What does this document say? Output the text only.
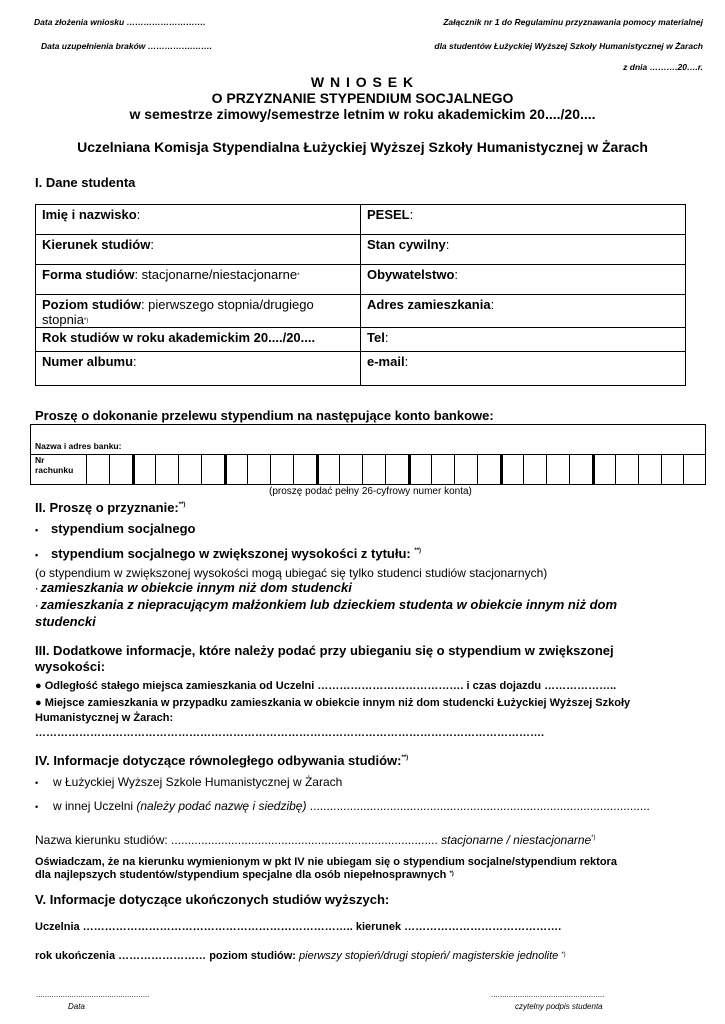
Data złożenia wniosku ……………………….
Data uzupełnienia braków …………….…….
Załącznik nr 1 do Regulaminu przyznawania pomocy materialnej
dla studentów Łużyckiej Wyższej Szkoły Humanistycznej w Żarach
z dnia ……….20….r.
W N I O S E K
O PRZYZNANIE STYPENDIUM SOCJALNEGO
w semestrze zimowy/semestrze letnim w roku akademickim 20..../20....
Uczelniana Komisja Stypendialna Łużyckiej Wyższej Szkoły Humanistycznej w Żarach
I. Dane studenta
Imię i nazwisko:	PESEL:
Kierunek studiów:	Stan cywilny:
Forma studiów: stacjonarne/niestacjonarne*	Obywatelstwo:
Poziom studiów: pierwszego stopnia/drugiego stopnia*)	Adres zamieszkania:
Rok studiów w roku akademickim 20..../20....	Tel:
Numer albumu:	e-mail:
Proszę o dokonanie przelewu stypendium na następujące konto bankowe:
Nazwa i adres banku:
Nr
rachunku
(proszę podać pełny 26-cyfrowy numer konta)
II. Proszę o przyznanie:**)
• stypendium socjalnego
• stypendium socjalnego w zwiększonej wysokości z tytułu: **)
(o stypendium w zwiększonej wysokości mogą ubiegać się tylko studenci studiów stacjonarnych)
· zamieszkania w obiekcie innym niż dom studencki
· zamieszkania z niepracującym małżonkiem lub dzieckiem studenta w obiekcie innym niż dom
studencki
III. Dodatkowe informacje, które należy podać przy ubieganiu się o stypendium w zwiększonej
wysokości:
● Odległość stałego miejsca zamieszkania od Uczelni …………………………………. i czas dojazdu ………………..
● Miejsce zamieszkania w przypadku zamieszkania w obiekcie innym niż dom studencki Łużyckiej Wyższej Szkoły
Humanistycznej w Żarach:
………………………………………………………………………………………………………………………….
IV. Informacje dotyczące równoległego odbywania studiów:**)
• w Łużyckiej Wyższej Szkole Humanistycznej w Żarach
• w innej Uczelni (należy podać nazwę i siedzibę) ......................................................................................................
Nazwa kierunku studiów: ................................................................................ stacjonarne / niestacjonarne*)
Oświadczam, że na kierunku wymienionym w pkt IV nie ubiegam się o stypendium socjalne/stypendium rektora
dla najlepszych studentów/stypendium specjalne dla osób niepełnosprawnych *)
V. Informacje dotyczące ukończonych studiów wyższych:
Uczelnia ……………………………………………………………….. kierunek …………………………………….
rok ukończenia …………………… poziom studiów: pierwszy stopień/drugi stopień/ magisterskie jednolite *)
...................................................
Data
...................................................
czytelny podpis studenta
